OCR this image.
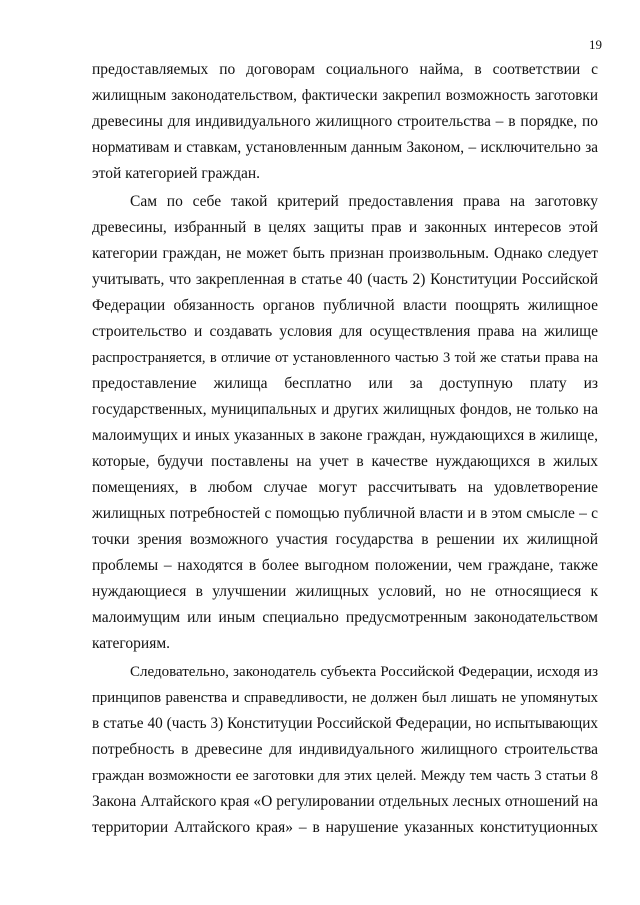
19
предоставляемых по договорам социального найма, в соответствии с
жилищным законодательством, фактически закрепил возможность заготовки
древесины для индивидуального жилищного строительства – в порядке, по
нормативам и ставкам, установленным данным Законом, – исключительно за
этой категорией граждан.
Сам по себе такой критерий предоставления права на заготовку
древесины, избранный в целях защиты прав и законных интересов этой
категории граждан, не может быть признан произвольным. Однако следует
учитывать, что закрепленная в статье 40 (часть 2) Конституции Российской
Федерации обязанность органов публичной власти поощрять жилищное
строительство и создавать условия для осуществления права на жилище
распространяется, в отличие от установленного частью 3 той же статьи права на
предоставление жилища бесплатно или за доступную плату из
государственных, муниципальных и других жилищных фондов, не только на
малоимущих и иных указанных в законе граждан, нуждающихся в жилище,
которые, будучи поставлены на учет в качестве нуждающихся в жилых
помещениях, в любом случае могут рассчитывать на удовлетворение
жилищных потребностей с помощью публичной власти и в этом смысле – с
точки зрения возможного участия государства в решении их жилищной
проблемы – находятся в более выгодном положении, чем граждане, также
нуждающиеся в улучшении жилищных условий, но не относящиеся к
малоимущим или иным специально предусмотренным законодательством
категориям.
Следовательно, законодатель субъекта Российской Федерации, исходя из
принципов равенства и справедливости, не должен был лишать не упомянутых
в статье 40 (часть 3) Конституции Российской Федерации, но испытывающих
потребность в древесине для индивидуального жилищного строительства
граждан возможности ее заготовки для этих целей. Между тем часть 3 статьи 8
Закона Алтайского края «О регулировании отдельных лесных отношений на
территории Алтайского края» – в нарушение указанных конституционных
